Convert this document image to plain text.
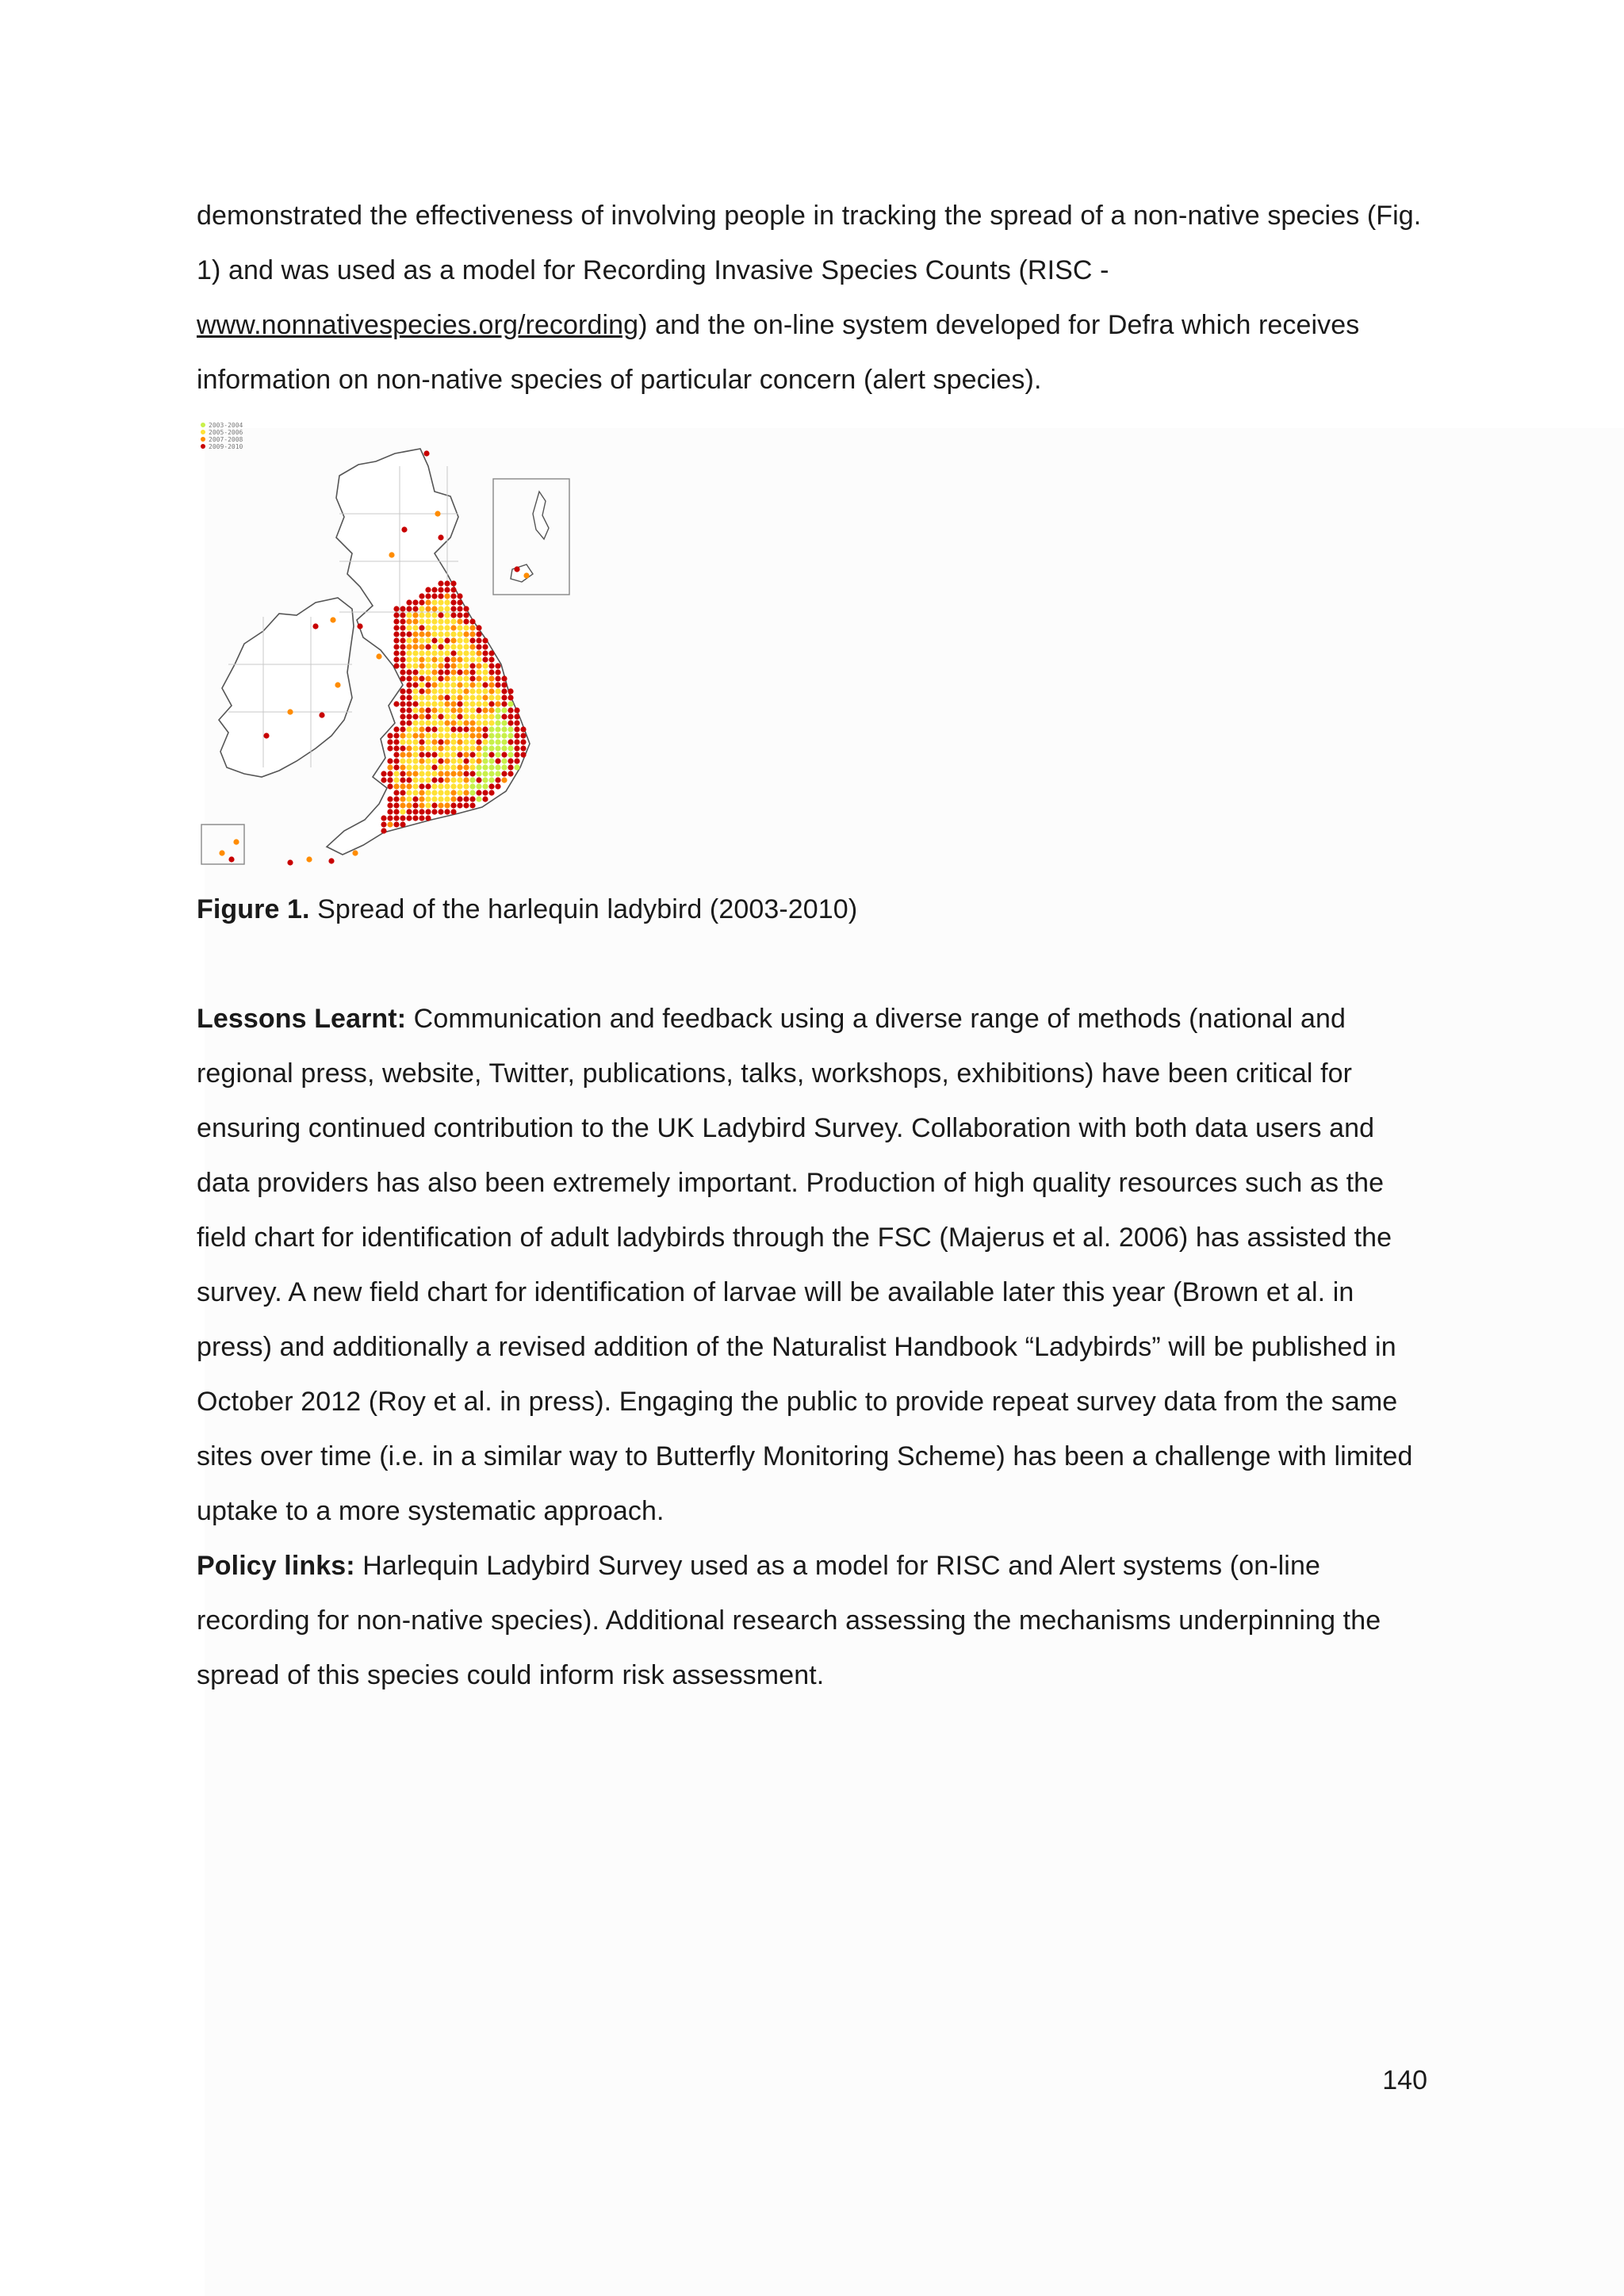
demonstrated the effectiveness of involving people in tracking the spread of a non-native species (Fig. 1) and was used as a model for Recording Invasive Species Counts (RISC - www.nonnativespecies.org/recording) and the on-line system developed for Defra which receives information on non-native species of particular concern (alert species).

2003-2004
2005-2006
2007-2008
2009-2010

Figure 1. Spread of the harlequin ladybird (2003-2010)

Lessons Learnt: Communication and feedback using a diverse range of methods (national and regional press, website, Twitter, publications, talks, workshops, exhibitions) have been critical for ensuring continued contribution to the UK Ladybird Survey. Collaboration with both data users and data providers has also been extremely important. Production of high quality resources such as the field chart for identification of adult ladybirds through the FSC (Majerus et al. 2006) has assisted the survey. A new field chart for identification of larvae will be available later this year (Brown et al. in press) and additionally a revised addition of the Naturalist Handbook “Ladybirds” will be published in October 2012 (Roy et al. in press). Engaging the public to provide repeat survey data from the same sites over time (i.e. in a similar way to Butterfly Monitoring Scheme) has been a challenge with limited uptake to a more systematic approach.

Policy links: Harlequin Ladybird Survey used as a model for RISC and Alert systems (on-line recording for non-native species). Additional research assessing the mechanisms underpinning the spread of this species could inform risk assessment.

140
